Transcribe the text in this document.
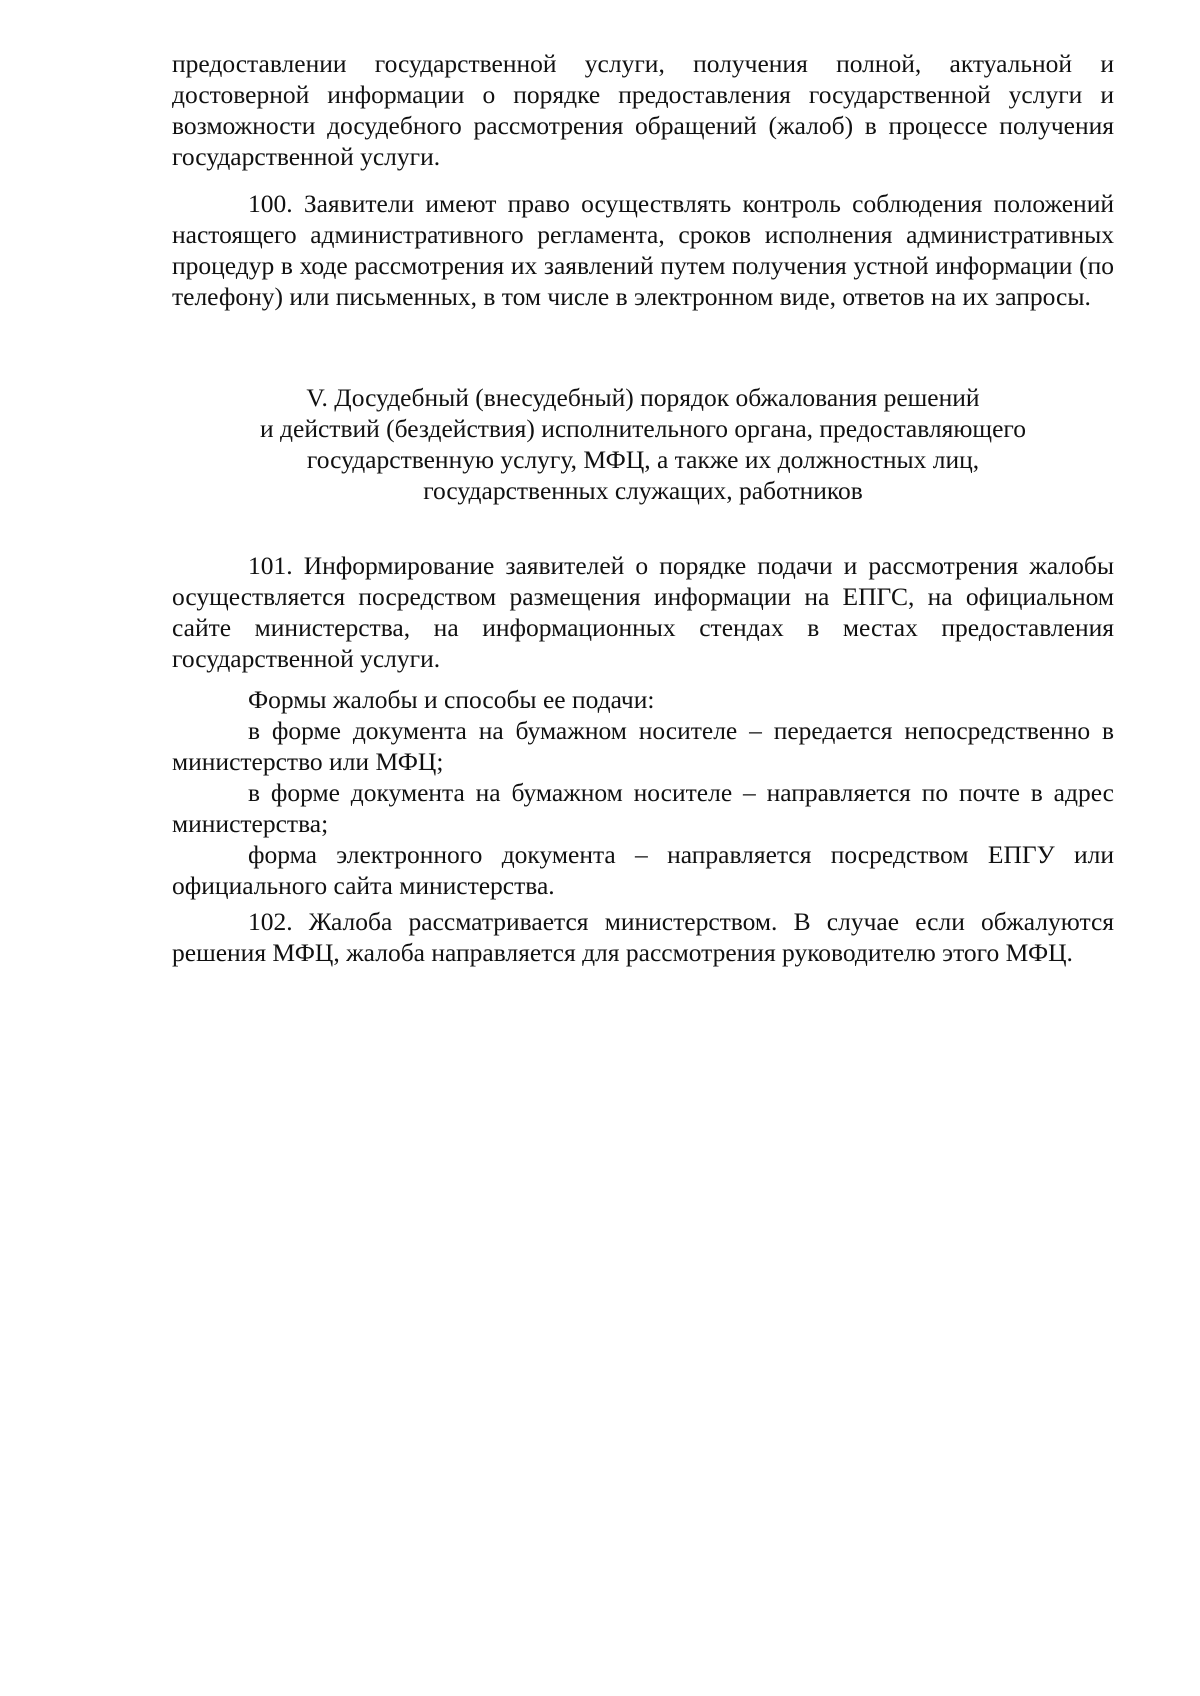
предоставлении государственной услуги, получения полной, актуальной и достоверной информации о порядке предоставления государственной услуги и возможности досудебного рассмотрения обращений (жалоб) в процессе получения государственной услуги.

100. Заявители имеют право осуществлять контроль соблюдения положений настоящего административного регламента, сроков исполнения административных процедур в ходе рассмотрения их заявлений путем получения устной информации (по телефону) или письменных, в том числе в электронном виде, ответов на их запросы.

V. Досудебный (внесудебный) порядок обжалования решений
и действий (бездействия) исполнительного органа, предоставляющего
государственную услугу, МФЦ, а также их должностных лиц,
государственных служащих, работников

101. Информирование заявителей о порядке подачи и рассмотрения жалобы осуществляется посредством размещения информации на ЕПГС, на официальном сайте министерства, на информационных стендах в местах предоставления государственной услуги.

Формы жалобы и способы ее подачи:

в форме документа на бумажном носителе – передается непосредственно в министерство или МФЦ;

в форме документа на бумажном носителе – направляется по почте в адрес министерства;

форма электронного документа – направляется посредством ЕПГУ или официального сайта министерства.

102. Жалоба рассматривается министерством. В случае если обжалуются решения МФЦ, жалоба направляется для рассмотрения руководителю этого МФЦ.
